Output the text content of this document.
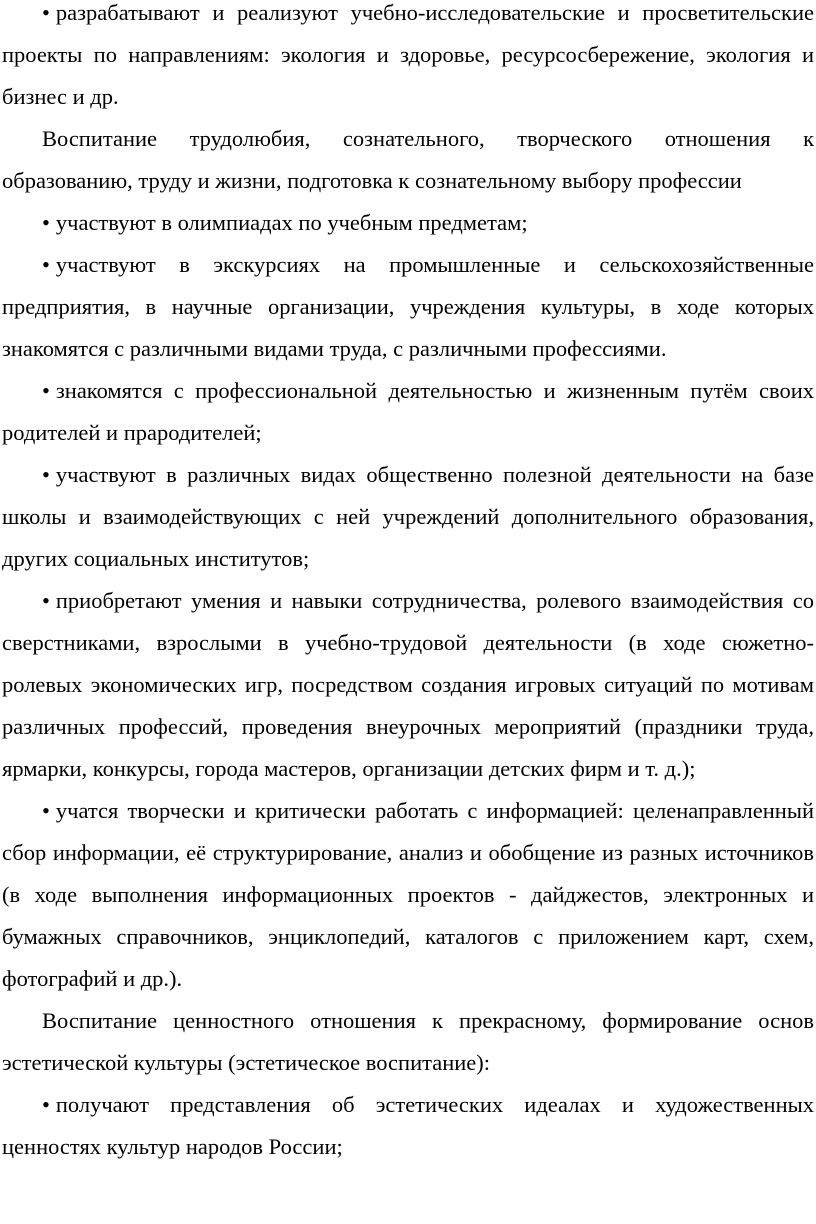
• разрабатывают и реализуют учебно-исследовательские и просветительские проекты по направлениям: экология и здоровье, ресурсосбережение, экология и бизнес и др.

Воспитание трудолюбия, сознательного, творческого отношения к образованию, труду и жизни, подготовка к сознательному выбору профессии

• участвуют в олимпиадах по учебным предметам;

• участвуют в экскурсиях на промышленные и сельскохозяйственные предприятия, в научные организации, учреждения культуры, в ходе которых знакомятся с различными видами труда, с различными профессиями.

• знакомятся с профессиональной деятельностью и жизненным путём своих родителей и прародителей;

• участвуют в различных видах общественно полезной деятельности на базе школы и взаимодействующих с ней учреждений дополнительного образования, других социальных институтов;

• приобретают умения и навыки сотрудничества, ролевого взаимодействия со сверстниками, взрослыми в учебно-трудовой деятельности (в ходе сюжетно-ролевых экономических игр, посредством создания игровых ситуаций по мотивам различных профессий, проведения внеурочных мероприятий (праздники труда, ярмарки, конкурсы, города мастеров, организации детских фирм и т. д.);

• учатся творчески и критически работать с информацией: целенаправленный сбор информации, её структурирование, анализ и обобщение из разных источников (в ходе выполнения информационных проектов - дайджестов, электронных и бумажных справочников, энциклопедий, каталогов с приложением карт, схем, фотографий и др.).

Воспитание ценностного отношения к прекрасному, формирование основ эстетической культуры (эстетическое воспитание):

• получают представления об эстетических идеалах и художественных ценностях культур народов России;
